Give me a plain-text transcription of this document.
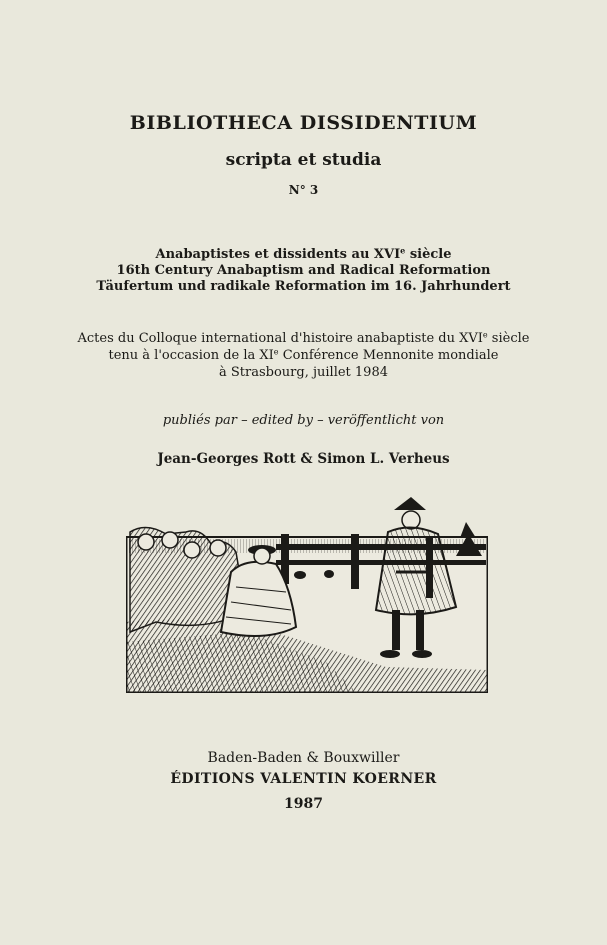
BIBLIOTHECA DISSIDENTIUM
scripta et studia
N° 3
Anabaptistes et dissidents au XVIe siècle
16th Century Anabaptism and Radical Reformation
Täufertum und radikale Reformation im 16. Jahrhundert
Actes du Colloque international d'histoire anabaptiste du XVIe siècle
tenu à l'occasion de la XIe Conférence Mennonite mondiale
à Strasbourg, juillet 1984
publiés par – edited by – veröffentlicht von
Jean-Georges Rott & Simon L. Verheus
Baden-Baden & Bouxwiller
ÉDITIONS VALENTIN KOERNER
1987
